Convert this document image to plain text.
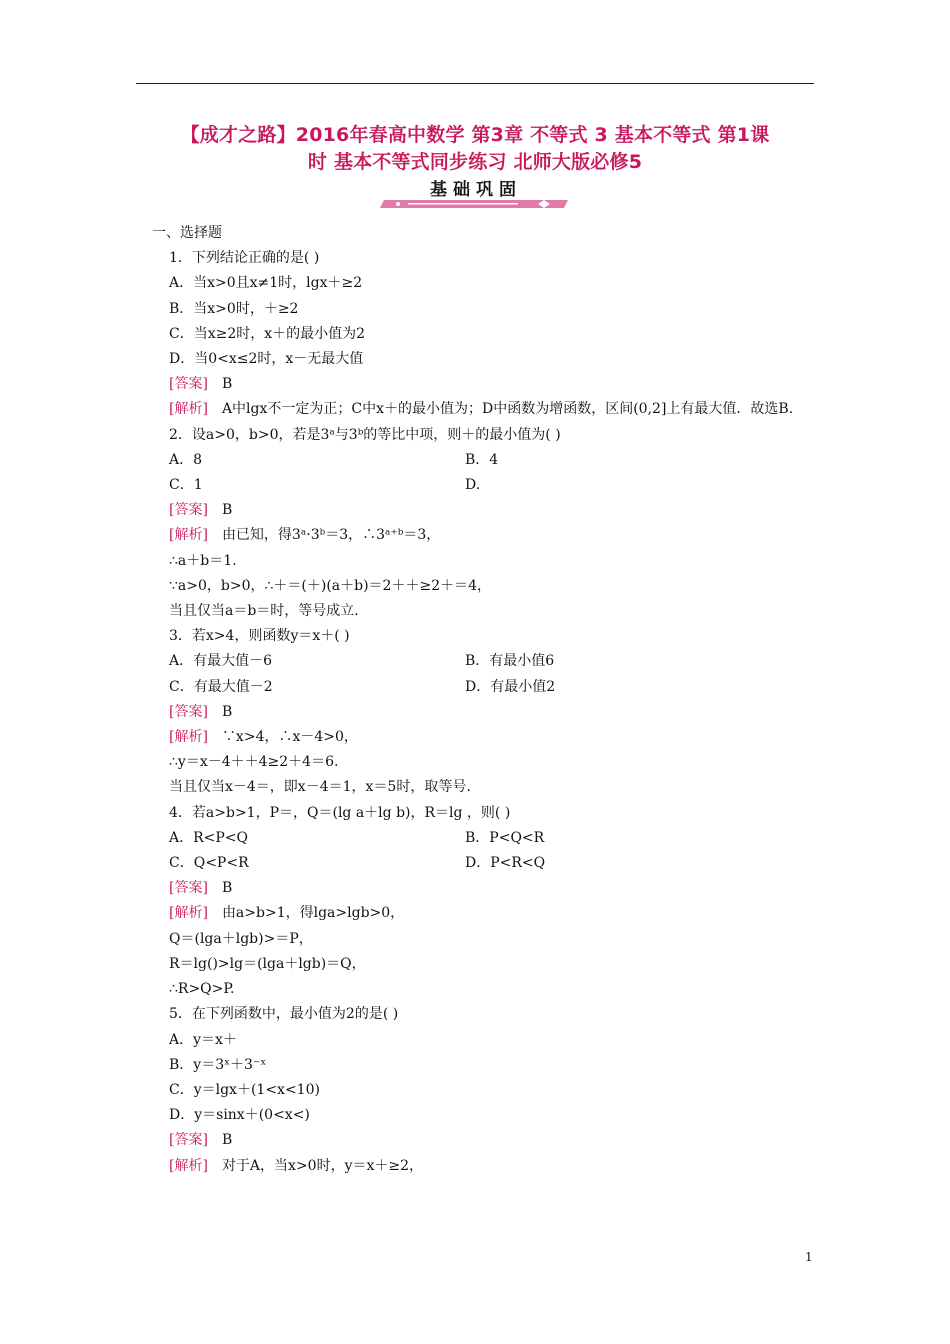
【成才之路】2016年春高中数学 第3章 不等式 3 基本不等式 第1课
时 基本不等式同步练习 北师大版必修5
基础巩固
一、选择题
1．下列结论正确的是( )
A．当x>0且x≠1时，lgx＋≥2
B．当x>0时，＋≥2
C．当x≥2时，x＋的最小值为2
D．当0<x≤2时，x－无最大值
[答案]　 B
[解析]　 A中lgx不一定为正；C中x＋的最小值为；D中函数为增函数，区间(0,2]上有最大值．故选B.
2．设a>0，b>0，若是3ᵃ与3ᵇ的等比中项，则＋的最小值为( )
A．8	B．4
C．1	D.
[答案]　 B
[解析]　 由已知，得3ᵃ·3ᵇ＝3，∴3ᵃ⁺ᵇ＝3，
∴a＋b＝1.
∵a>0，b>0，∴＋＝(＋)(a＋b)＝2＋＋≥2＋＝4，
当且仅当a＝b＝时，等号成立.
3．若x>4，则函数y＝x＋( )
A．有最大值－6	B．有最小值6
C．有最大值－2	D．有最小值2
[答案]　 B
[解析]　 ∵x>4，∴x－4>0，
∴y＝x－4＋＋4≥2＋4＝6.
当且仅当x－4＝，即x－4＝1，x＝5时，取等号.
4．若a>b>1，P＝，Q＝(lg a＋lg b)，R＝lg ，则( )
A．R<P<Q	B．P<Q<R
C．Q<P<R	D．P<R<Q
[答案]　 B
[解析]　 由a>b>1，得lga>lgb>0，
Q＝(lga＋lgb)>＝P，
R＝lg()>lg＝(lga＋lgb)＝Q，
∴R>Q>P.
5．在下列函数中，最小值为2的是( )
A．y＝x＋
B．y＝3ˣ＋3⁻ˣ
C．y＝lgx＋(1<x<10)
D．y＝sinx＋(0<x<)
[答案]　 B
[解析]　 对于A，当x>0时，y＝x＋≥2，
1
